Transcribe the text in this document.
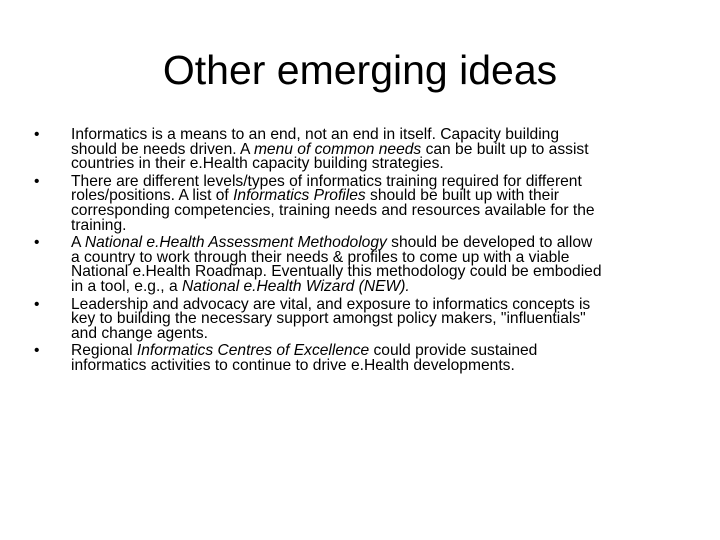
Other emerging ideas
•	Informatics is a means to an end, not an end in itself. Capacity building
should be needs driven. A menu of common needs can be built up to assist
countries in their e.Health capacity building strategies.
•	There are different levels/types of informatics training required for different
roles/positions. A list of Informatics Profiles should be built up with their
corresponding competencies, training needs and resources available for the
training.
•	A National e.Health Assessment Methodology should be developed to allow
a country to work through their needs & profiles to come up with a viable
National e.Health Roadmap. Eventually this methodology could be embodied
in a tool, e.g., a National e.Health Wizard (NEW).
•	Leadership and advocacy are vital, and exposure to informatics concepts is
key to building the necessary support amongst policy makers, "influentials"
and change agents.
•	Regional Informatics Centres of Excellence could provide sustained
informatics activities to continue to drive e.Health developments.
